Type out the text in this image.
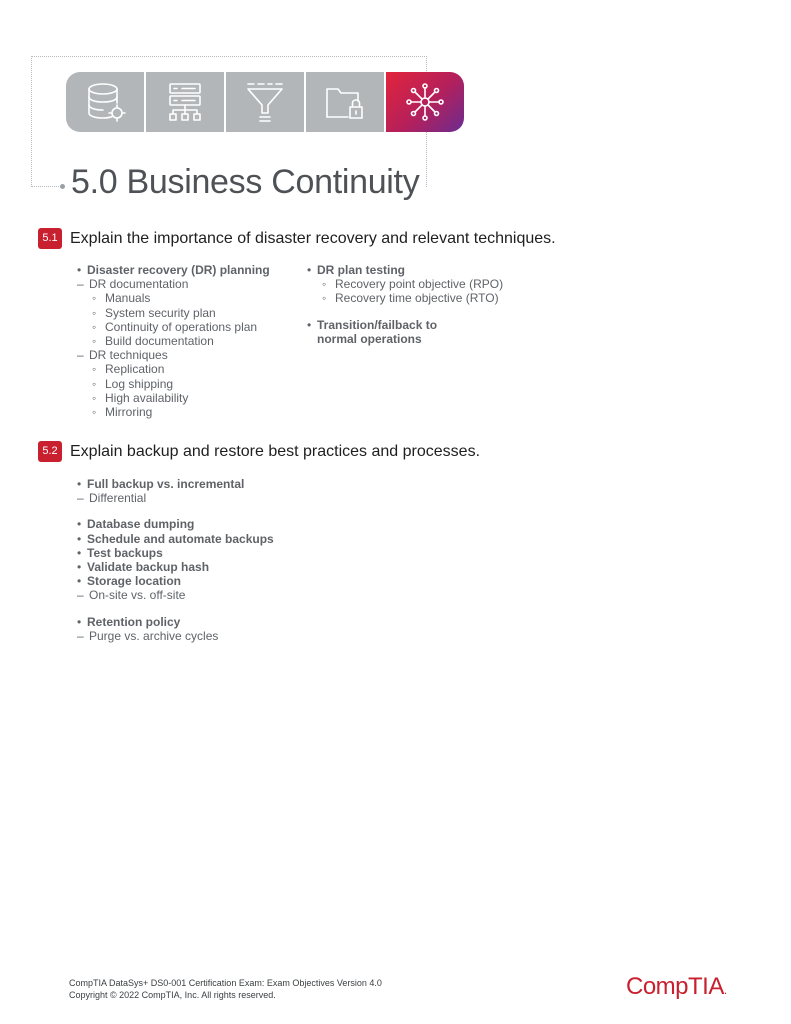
5.0 Business Continuity
5.1 Explain the importance of disaster recovery and relevant techniques.
• Disaster recovery (DR) planning
– DR documentation
◦ Manuals
◦ System security plan
◦ Continuity of operations plan
◦ Build documentation
– DR techniques
◦ Replication
◦ Log shipping
◦ High availability
◦ Mirroring
• DR plan testing
◦ Recovery point objective (RPO)
◦ Recovery time objective (RTO)
• Transition/failback to
normal operations
5.2 Explain backup and restore best practices and processes.
• Full backup vs. incremental
– Differential
• Database dumping
• Schedule and automate backups
• Test backups
• Validate backup hash
• Storage location
– On-site vs. off-site
• Retention policy
– Purge vs. archive cycles
CompTIA DataSys+ DS0-001 Certification Exam: Exam Objectives Version 4.0
Copyright © 2022 CompTIA, Inc. All rights reserved.	CompTIA.
